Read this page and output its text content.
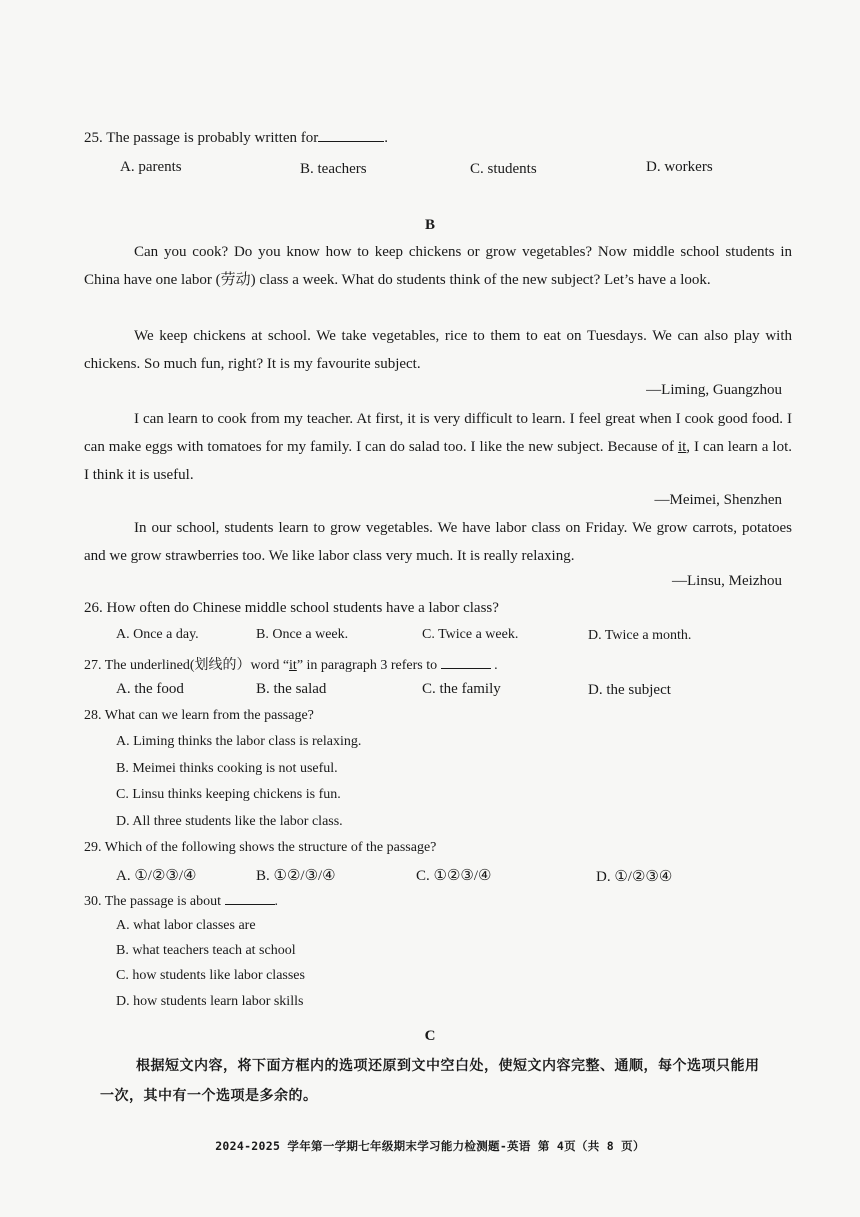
25. The passage is probably written for	.
A. parents	B. teachers	C. students	D. workers
B

Can you cook? Do you know how to keep chickens or grow vegetables? Now middle school students in China have one labor (劳动) class a week. What do students think of the new subject? Let’s have a look.

We keep chickens at school. We take vegetables, rice to them to eat on Tuesdays. We can also play with chickens. So much fun, right? It is my favourite subject.

—Liming, Guangzhou

I can learn to cook from my teacher. At first, it is very difficult to learn. I feel great when I cook good food. I can make eggs with tomatoes for my family. I can do salad too. I like the new subject. Because of it, I can learn a lot. I think it is useful.

—Meimei, Shenzhen

In our school, students learn to grow vegetables. We have labor class on Friday. We grow carrots, potatoes and we grow strawberries too. We like labor class very much. It is really relaxing.

—Linsu, Meizhou
26. How often do Chinese middle school students have a labor class?
A. Once a day.	B. Once a week.	C. Twice a week.	D. Twice a month.
27. The underlined(划线的）word “it” in paragraph 3 refers to	.
A. the food	B. the salad	C. the family	D. the subject
28. What can we learn from the passage?
A. Liming thinks the labor class is relaxing.
B. Meimei thinks cooking is not useful.
C. Linsu thinks keeping chickens is fun.
D. All three students like the labor class.
29. Which of the following shows the structure of the passage?
A. ①/②③/④	B. ①②/③/④	C. ①②③/④	D. ①/②③④
30. The passage is about	.
A. what labor classes are
B. what teachers teach at school
C. how students like labor classes
D. how students learn labor skills
C
根据短文内容，将下面方框内的选项还原到文中空白处，使短文内容完整、通顺，每个选项只能用一次，其中有一个选项是多余的。
2024-2025 学年第一学期七年级期末学习能力检测题-英语 第 4页（共 8 页）
